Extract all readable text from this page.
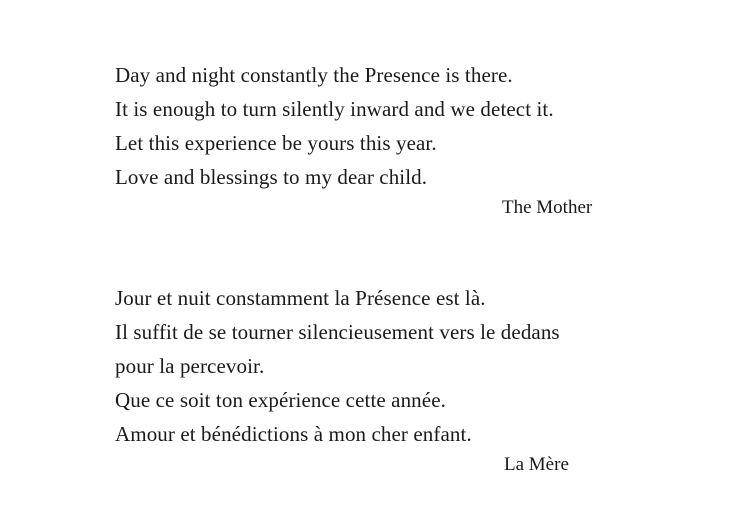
Day and night constantly the Presence is there.
It is enough to turn silently inward and we detect it.
Let this experience be yours this year.
Love and blessings to my dear child.
The Mother
Jour et nuit constamment la Présence est là.
Il suffit de se tourner silencieusement vers le dedans
pour la percevoir.
Que ce soit ton expérience cette année.
Amour et bénédictions à mon cher enfant.
La Mère
